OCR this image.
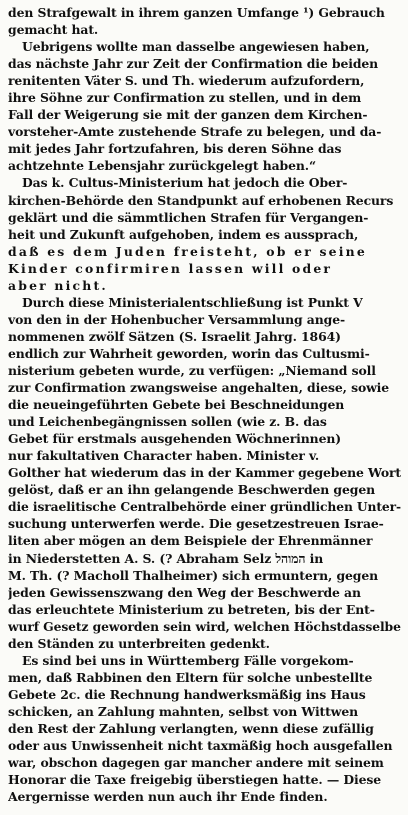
den Strafgewalt in ihrem ganzen Umfange ¹) Gebrauch
gemacht hat.
Uebrigens wollte man dasselbe angewiesen haben,
das nächste Jahr zur Zeit der Confirmation die beiden
renitenten Väter S. und Th. wiederum aufzufordern,
ihre Söhne zur Confirmation zu stellen, und in dem
Fall der Weigerung sie mit der ganzen dem Kirchen-
vorsteher-Amte zustehende Strafe zu belegen, und da-
mit jedes Jahr fortzufahren, bis deren Söhne das
achtzehnte Lebensjahr zurückgelegt haben.“
Das k. Cultus-Ministerium hat jedoch die Ober-
kirchen-Behörde den Standpunkt auf erhobenen Recurs
geklärt und die sämmtlichen Strafen für Vergangen-
heit und Zukunft aufgehoben, indem es aussprach,
daß es dem Juden freisteht, ob er seine
Kinder confirmiren lassen will oder
aber nicht.
Durch diese Ministerialentschließung ist Punkt V
von den in der Hohenbucher Versammlung ange-
nommenen zwölf Sätzen (S. Israelit Jahrg. 1864)
endlich zur Wahrheit geworden, worin das Cultusmi-
nisterium gebeten wurde, zu verfügen: „Niemand soll
zur Confirmation zwangsweise angehalten, diese, sowie
die neueingeführten Gebete bei Beschneidungen
und Leichenbegängnissen sollen (wie z. B. das
Gebet für erstmals ausgehenden Wöchnerinnen)
nur fakultativen Character haben. Minister v.
Golther hat wiederum das in der Kammer gegebene Wort
gelöst, daß er an ihn gelangende Beschwerden gegen
die israelitische Centralbehörde einer gründlichen Unter-
suchung unterwerfen werde. Die gesetzestreuen Israe-
liten aber mögen an dem Beispiele der Ehrenmänner
in Niederstetten A. S. (? Abraham Selz המוהל in
M. Th. (? Macholl Thalheimer) sich ermuntern, gegen
jeden Gewissenszwang den Weg der Beschwerde an
das erleuchtete Ministerium zu betreten, bis der Ent-
wurf Gesetz geworden sein wird, welchen Höchstdasselbe
den Ständen zu unterbreiten gedenkt.
Es sind bei uns in Württemberg Fälle vorgekom-
men, daß Rabbinen den Eltern für solche unbestellte
Gebete 2c. die Rechnung handwerksmäßig ins Haus
schicken, an Zahlung mahnten, selbst von Wittwen
den Rest der Zahlung verlangten, wenn diese zufällig
oder aus Unwissenheit nicht taxmäßig hoch ausgefallen
war, obschon dagegen gar mancher andere mit seinem
Honorar die Taxe freigebig überstiegen hatte. — Diese
Aergernisse werden nun auch ihr Ende finden.
